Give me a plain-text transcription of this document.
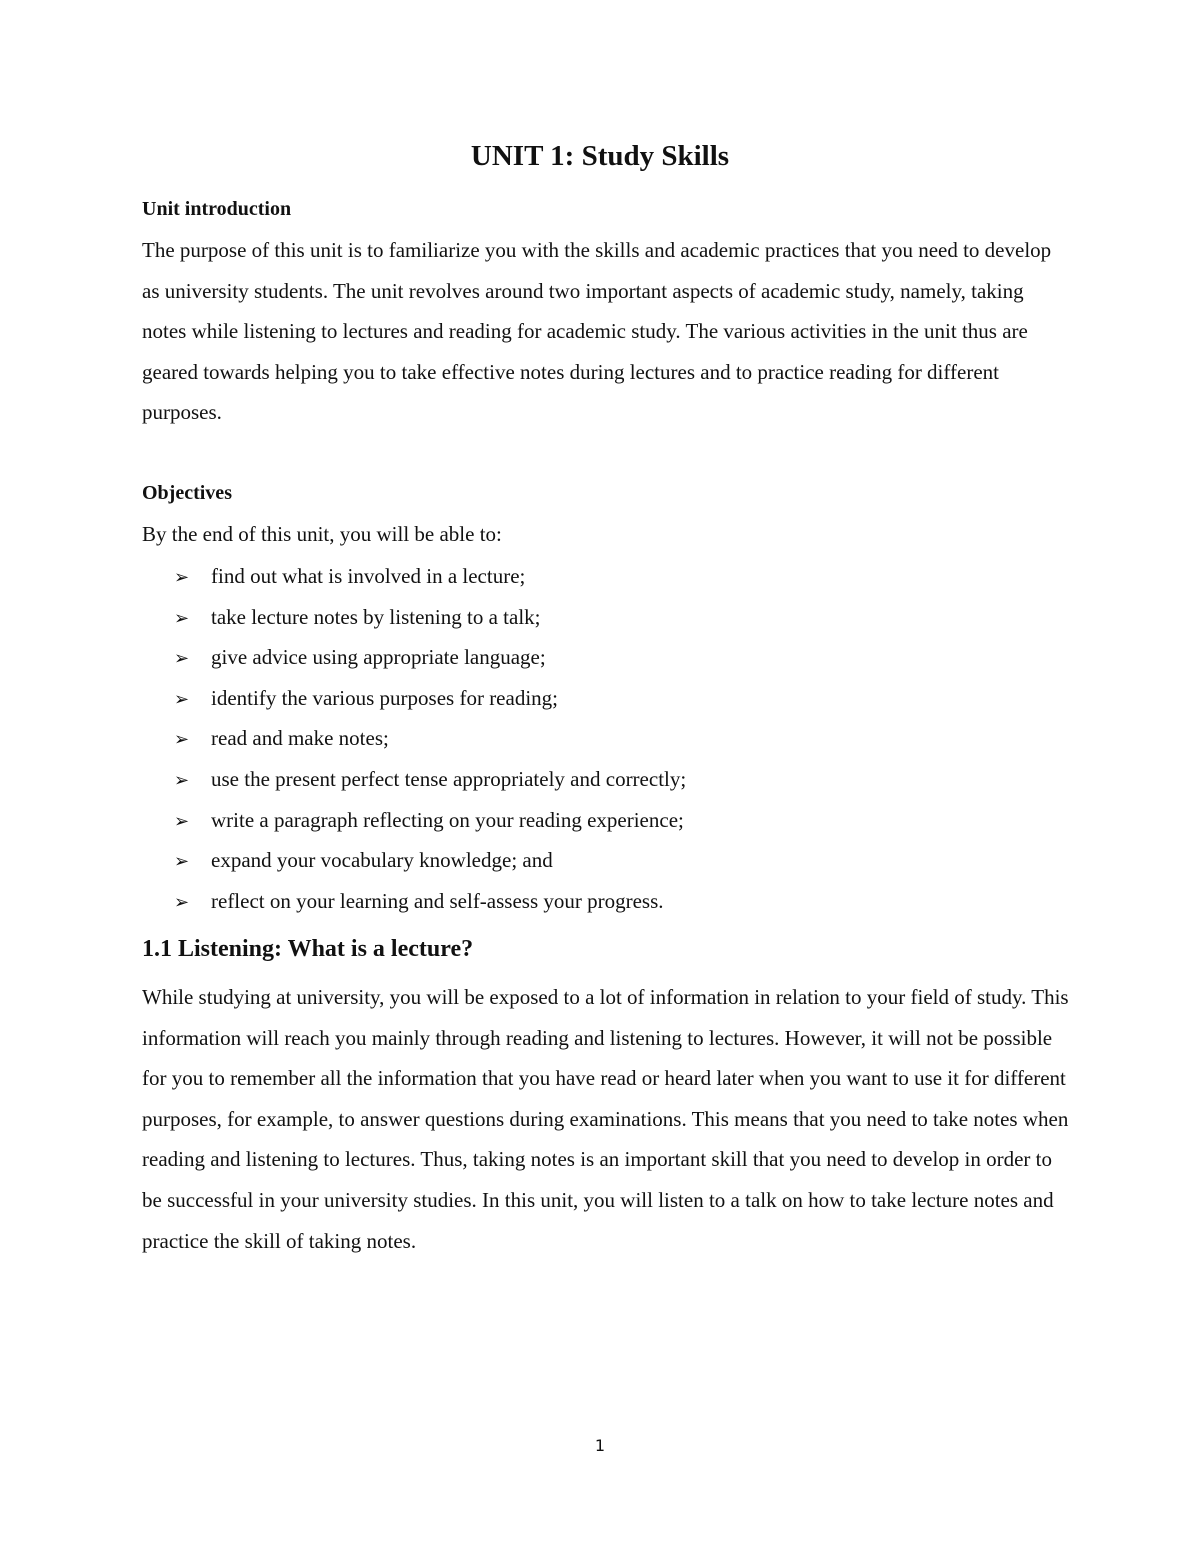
UNIT 1: Study Skills
Unit introduction

The purpose of this unit is to familiarize you with the skills and academic practices that you need to develop as university students. The unit revolves around two important aspects of academic study, namely, taking notes while listening to lectures and reading for academic study. The various activities in the unit thus are geared towards helping you to take effective notes during lectures and to practice reading for different purposes.

Objectives

By the end of this unit, you will be able to:

➢ find out what is involved in a lecture;
➢ take lecture notes by listening to a talk;
➢ give advice using appropriate language;
➢ identify the various purposes for reading;
➢ read and make notes;
➢ use the present perfect tense appropriately and correctly;
➢ write a paragraph reflecting on your reading experience;
➢ expand your vocabulary knowledge; and
➢ reflect on your learning and self-assess your progress.
1.1 Listening: What is a lecture?

While studying at university, you will be exposed to a lot of information in relation to your field of study. This information will reach you mainly through reading and listening to lectures. However, it will not be possible for you to remember all the information that you have read or heard later when you want to use it for different purposes, for example, to answer questions during examinations. This means that you need to take notes when reading and listening to lectures. Thus, taking notes is an important skill that you need to develop in order to be successful in your university studies. In this unit, you will listen to a talk on how to take lecture notes and practice the skill of taking notes.

1
